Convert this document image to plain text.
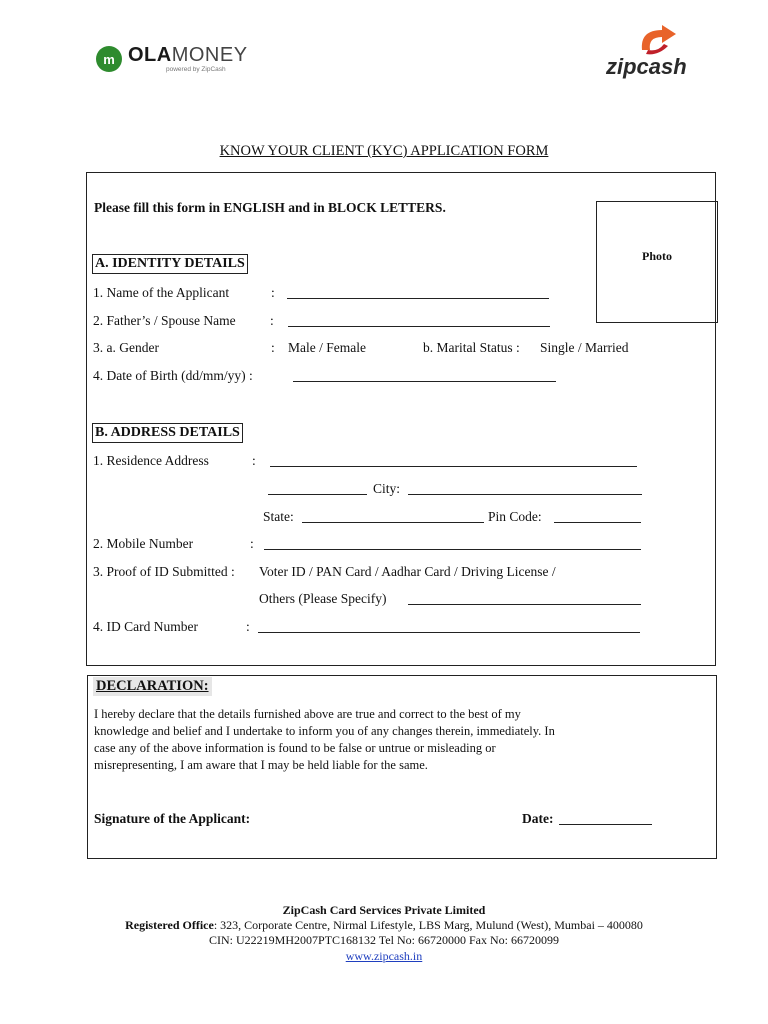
m OLAMONEY
powered by ZipCash	zipcash
KNOW YOUR CLIENT (KYC) APPLICATION FORM
Photo
Please fill this form in ENGLISH and in BLOCK LETTERS.
A. IDENTITY DETAILS
1. Name of the Applicant	:
2. Father’s / Spouse Name	:
3. a. Gender	: Male / Female	b. Marital Status : Single / Married
4. Date of Birth (dd/mm/yy) :
B. ADDRESS DETAILS
1. Residence Address	:
City:
State:	Pin Code:
2. Mobile Number	:
3. Proof of ID Submitted : Voter ID / PAN Card / Aadhar Card / Driving License /
Others (Please Specify)
4. ID Card Number	:
DECLARATION:
I hereby declare that the details furnished above are true and correct to the best of my
knowledge and belief and I undertake to inform you of any changes therein, immediately. In
case any of the above information is found to be false or untrue or misleading or
misrepresenting, I am aware that I may be held liable for the same.
Signature of the Applicant:	Date:
ZipCash Card Services Private Limited
Registered Office: 323, Corporate Centre, Nirmal Lifestyle, LBS Marg, Mulund (West), Mumbai – 400080
CIN: U22219MH2007PTC168132 Tel No: 66720000 Fax No: 66720099
www.zipcash.in
